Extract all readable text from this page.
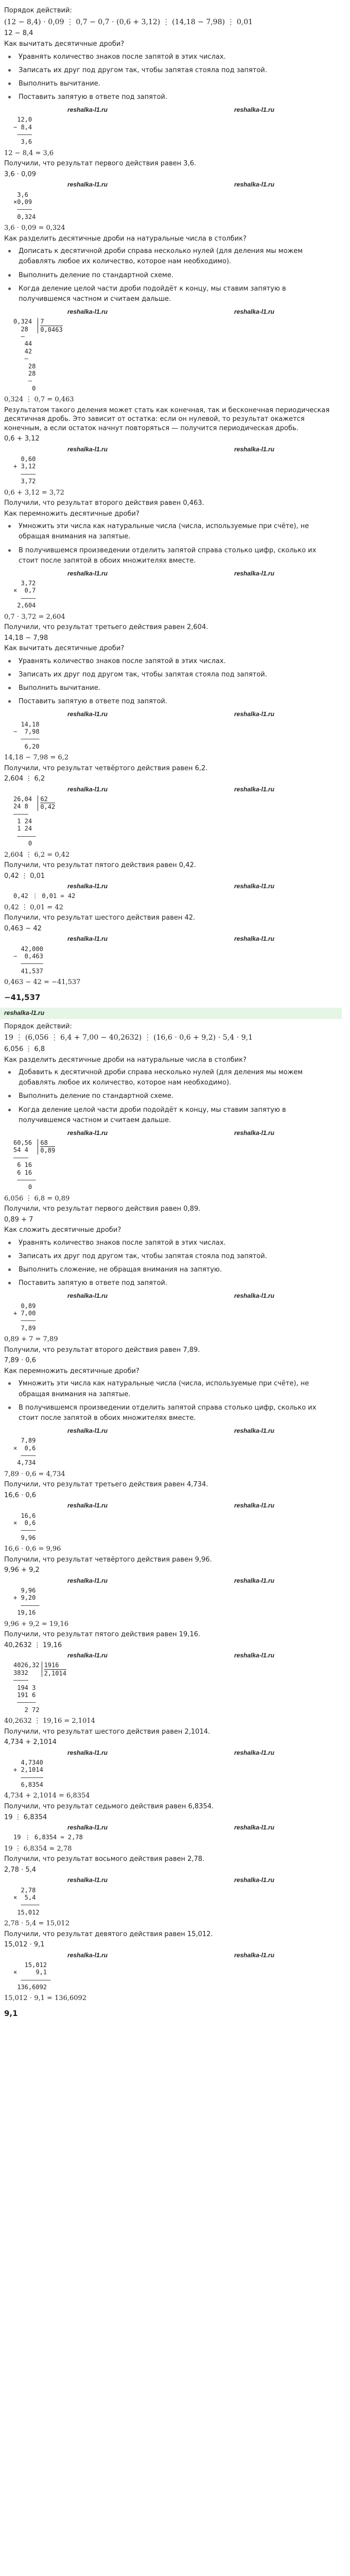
Порядок действий:
(12 − 8,4) ⋅ 0,09 ⋮ 0,7 − 0,7 ⋅ (0,6 + 3,12) ⋮ (14,18 − 7,98) ⋮ 0,01
12 − 8,4
Как вычитать десятичные дроби?
Уравнять количество знаков после запятой в этих числах.
Записать их друг под другом так, чтобы запятая стояла под запятой.
Выполнить вычитание.
Поставить запятую в ответе под запятой.
reshalka-l1.ru	reshalka-l1.ru
12,0
− 8,4
————
3,6
12 − 8,4 = 3,6
Получили, что результат первого действия равен 3,6.
3,6 ⋅ 0,09
reshalka-l1.ru	reshalka-l1.ru
3,6
×0,09
————
0,324
3,6 ⋅ 0,09 = 0,324
Как разделить десятичные дроби на натуральные числа в столбик?
Дописать к десятичной дроби справа несколько нулей (для деления мы можем добавлять любое их количество, которое нам необходимо).
Выполнить деление по стандартной схеме.
Когда деление целой части дроби подойдёт к концу, мы ставим запятую в получившемся частном и считаем дальше.
reshalka-l1.ru	reshalka-l1.ru
0,324
28
—
44
42
—
28
28
—
0
7
0,0463
0,324 ⋮ 0,7 = 0,463
Результатом такого деления может стать как конечная, так и бесконечная периодическая десятичная дробь. Это зависит от остатка: если он нулевой, то результат окажется конечным, а если остаток начнут повторяться — получится периодическая дробь.
0,6 + 3,12
reshalka-l1.ru	reshalka-l1.ru
0,60
+ 3,12
————
3,72
0,6 + 3,12 = 3,72
Получили, что результат второго действия равен 0,463.
Как перемножить десятичные дроби?
Умножить эти числа как натуральные числа (числа, используемые при счёте), не обращая внимания на запятые.
В получившемся произведении отделить запятой справа столько цифр, сколько их стоит после запятой в обоих множителях вместе.
reshalka-l1.ru	reshalka-l1.ru
3,72
×  0,7
————
2,604
0,7 ⋅ 3,72 = 2,604
Получили, что результат третьего действия равен 2,604.
14,18 − 7,98
Как вычитать десятичные дроби?
Уравнять количество знаков после запятой в этих числах.
Записать их друг под другом так, чтобы запятая стояла под запятой.
Выполнить вычитание.
Поставить запятую в ответе под запятой.
reshalka-l1.ru	reshalka-l1.ru
14,18
−  7,98
—————
6,20
14,18 − 7,98 = 6,2
Получили, что результат четвёртого действия равен 6,2.
2,604 ⋮ 6,2
reshalka-l1.ru	reshalka-l1.ru
26,04
24 8
————
1 24
1 24
—————
0
62
0,42
2,604 ⋮ 6,2 = 0,42
Получили, что результат пятого действия равен 0,42.
0,42 ⋮ 0,01
reshalka-l1.ru	reshalka-l1.ru
0,42 ⋮ 0,01 = 42
0,42 ⋮ 0,01 = 42
Получили, что результат шестого действия равен 42.
0,463 − 42
reshalka-l1.ru	reshalka-l1.ru
42,000
−  0,463
——————
41,537
0,463 − 42 = −41,537
−41,537
reshalka-l1.ru
Порядок действий:
19 ⋮ (6,056 ⋮ 6,4 + 7,00 − 40,2632) ⋮ (16,6 ⋅ 0,6 + 9,2) ⋅ 5,4 ⋅ 9,1
6,056 ⋮ 6,8
Как разделить десятичные дроби на натуральные числа в столбик?
Добавить к десятичной дроби справа несколько нулей (для деления мы можем добавлять любое их количество, которое нам необходимо).
Выполнить деление по стандартной схеме.
Когда деление целой части дроби подойдёт к концу, мы ставим запятую в получившемся частном и считаем дальше.
reshalka-l1.ru	reshalka-l1.ru
60,56
54 4
————
6 16
6 16
—————
0
68
0,89
6,056 ⋮ 6,8 = 0,89
Получили, что результат первого действия равен 0,89.
0,89 + 7
Как сложить десятичные дроби?
Уравнять количество знаков после запятой в этих числах.
Записать их друг под другом так, чтобы запятая стояла под запятой.
Выполнить сложение, не обращая внимания на запятую.
Поставить запятую в ответе под запятой.
reshalka-l1.ru	reshalka-l1.ru
0,89
+ 7,00
————
7,89
0,89 + 7 = 7,89
Получили, что результат второго действия равен 7,89.
7,89 ⋅ 0,6
Как перемножить десятичные дроби?
Умножить эти числа как натуральные числа (числа, используемые при счёте), не обращая внимания на запятые.
В получившемся произведении отделить запятой справа столько цифр, сколько их стоит после запятой в обоих множителях вместе.
reshalka-l1.ru	reshalka-l1.ru
7,89
×  0,6
————
4,734
7,89 ⋅ 0,6 = 4,734
Получили, что результат третьего действия равен 4,734.
16,6 ⋅ 0,6
reshalka-l1.ru	reshalka-l1.ru
16,6
×  0,6
————
9,96
16,6 ⋅ 0,6 = 9,96
Получили, что результат четвёртого действия равен 9,96.
9,96 + 9,2
reshalka-l1.ru	reshalka-l1.ru
9,96
+ 9,20
—————
19,16
9,96 + 9,2 = 19,16
Получили, что результат пятого действия равен 19,16.
40,2632 ⋮ 19,16
reshalka-l1.ru	reshalka-l1.ru
4026,32
3832
————
194 3
191 6
—————
2 72
1916
2,1014
40,2632 ⋮ 19,16 = 2,1014
Получили, что результат шестого действия равен 2,1014.
4,734 + 2,1014
reshalka-l1.ru	reshalka-l1.ru
4,7340
+ 2,1014
——————
6,8354
4,734 + 2,1014 = 6,8354
Получили, что результат седьмого действия равен 6,8354.
19 ⋮ 6,8354
reshalka-l1.ru	reshalka-l1.ru
19 ⋮ 6,8354 ≈ 2,78
19 ⋮ 6,8354 ≈ 2,78
Получили, что результат восьмого действия равен 2,78.
2,78 ⋅ 5,4
reshalka-l1.ru	reshalka-l1.ru
2,78
×  5,4
—————
15,012
2,78 ⋅ 5,4 = 15,012
Получили, что результат девятого действия равен 15,012.
15,012 ⋅ 9,1
reshalka-l1.ru	reshalka-l1.ru
15,012
×     9,1
————————
136,6092
15,012 ⋅ 9,1 = 136,6092
9,1
